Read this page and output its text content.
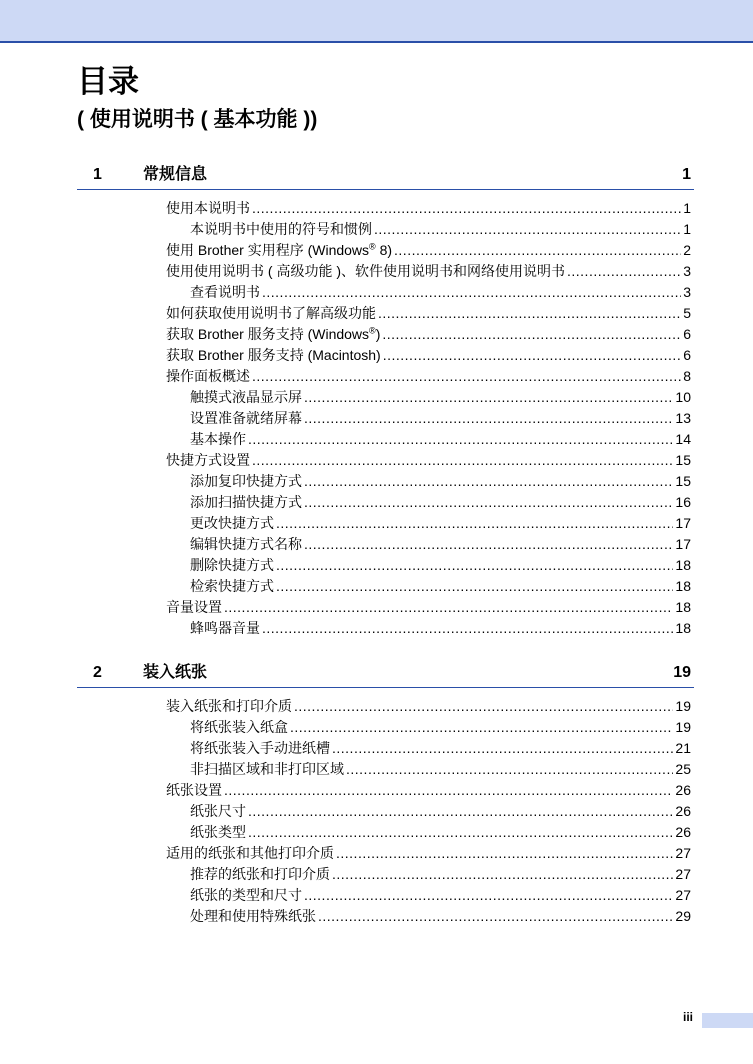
目录
( 使用说明书 ( 基本功能 ))
1	常规信息	1
使用本说明书 .....	1
本说明书中使用的符号和惯例 .....	1
使用 Brother 实用程序 (Windows® 8) .....	2
使用使用说明书 ( 高级功能 )、软件使用说明书和网络使用说明书 .....	3
查看说明书 .....	3
如何获取使用说明书了解高级功能 .....	5
获取 Brother 服务支持 (Windows®) .....	6
获取 Brother 服务支持 (Macintosh) .....	6
操作面板概述 .....	8
触摸式液晶显示屏 .....	10
设置准备就绪屏幕 .....	13
基本操作 .....	14
快捷方式设置 .....	15
添加复印快捷方式 .....	15
添加扫描快捷方式 .....	16
更改快捷方式 .....	17
编辑快捷方式名称 .....	17
删除快捷方式 .....	18
检索快捷方式 .....	18
音量设置 .....	18
蜂鸣器音量 .....	18
2	装入纸张	19
装入纸张和打印介质 .....	19
将纸张装入纸盒 .....	19
将纸张装入手动进纸槽 .....	21
非扫描区域和非打印区域 .....	25
纸张设置 .....	26
纸张尺寸 .....	26
纸张类型 .....	26
适用的纸张和其他打印介质 .....	27
推荐的纸张和打印介质 .....	27
纸张的类型和尺寸 .....	27
处理和使用特殊纸张 .....	29
iii
